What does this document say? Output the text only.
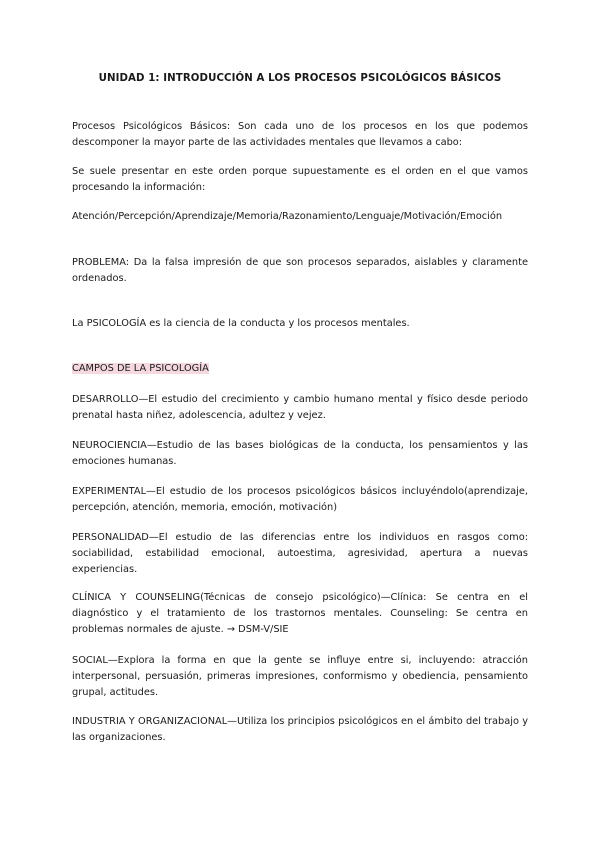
UNIDAD 1: INTRODUCCIÓN A LOS PROCESOS PSICOLÓGICOS BÁSICOS

Procesos Psicológicos Básicos: Son cada uno de los procesos en los que podemos descomponer la mayor parte de las actividades mentales que llevamos a cabo:

Se suele presentar en este orden porque supuestamente es el orden en el que vamos procesando la información:

Atención/Percepción/Aprendizaje/Memoria/Razonamiento/Lenguaje/Motivación/Emoción

PROBLEMA: Da la falsa impresión de que son procesos separados, aislables y claramente ordenados.

La PSICOLOGÍA es la ciencia de la conducta y los procesos mentales.

CAMPOS DE LA PSICOLOGÍA

DESARROLLO—El estudio del crecimiento y cambio humano mental y físico desde periodo prenatal hasta niñez, adolescencia, adultez y vejez.

NEUROCIENCIA—Estudio de las bases biológicas de la conducta, los pensamientos y las emociones humanas.

EXPERIMENTAL—El estudio de los procesos psicológicos básicos incluyéndolo(aprendizaje, percepción, atención, memoria, emoción, motivación)

PERSONALIDAD—El estudio de las diferencias entre los individuos en rasgos como: sociabilidad, estabilidad emocional, autoestima, agresividad, apertura a nuevas experiencias.

CLÍNICA Y COUNSELING(Técnicas de consejo psicológico)—Clínica: Se centra en el diagnóstico y el tratamiento de los trastornos mentales. Counseling: Se centra en problemas normales de ajuste. → DSM-V/SIE

SOCIAL—Explora la forma en que la gente se influye entre si, incluyendo: atracción interpersonal, persuasión, primeras impresiones, conformismo y obediencia, pensamiento grupal, actitudes.

INDUSTRIA Y ORGANIZACIONAL—Utiliza los principios psicológicos en el ámbito del trabajo y las organizaciones.
